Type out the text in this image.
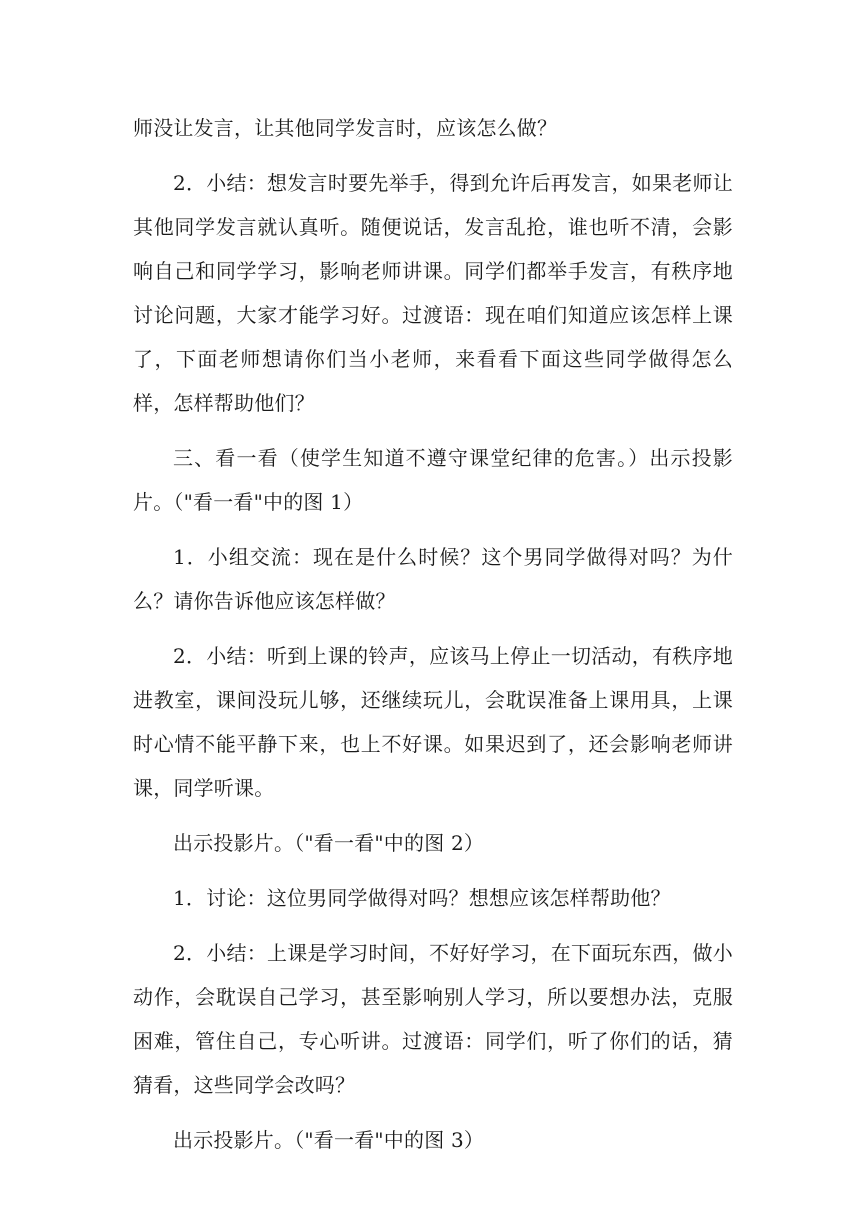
师没让发言，让其他同学发言时，应该怎么做？

2．小结：想发言时要先举手，得到允许后再发言，如果老师让其他同学发言就认真听。随便说话，发言乱抢，谁也听不清，会影响自己和同学学习，影响老师讲课。同学们都举手发言，有秩序地讨论问题，大家才能学习好。过渡语：现在咱们知道应该怎样上课了，下面老师想请你们当小老师，来看看下面这些同学做得怎么样，怎样帮助他们？

三、看一看（使学生知道不遵守课堂纪律的危害。）出示投影片。（"看一看"中的图 1）

1．小组交流：现在是什么时候？这个男同学做得对吗？为什么？请你告诉他应该怎样做？

2．小结：听到上课的铃声，应该马上停止一切活动，有秩序地进教室，课间没玩儿够，还继续玩儿，会耽误准备上课用具，上课时心情不能平静下来，也上不好课。如果迟到了，还会影响老师讲课，同学听课。

出示投影片。（"看一看"中的图 2）

1．讨论：这位男同学做得对吗？想想应该怎样帮助他？

2．小结：上课是学习时间，不好好学习，在下面玩东西，做小动作，会耽误自己学习，甚至影响别人学习，所以要想办法，克服困难，管住自己，专心听讲。过渡语：同学们，听了你们的话，猜猜看，这些同学会改吗？

出示投影片。（"看一看"中的图 3）
